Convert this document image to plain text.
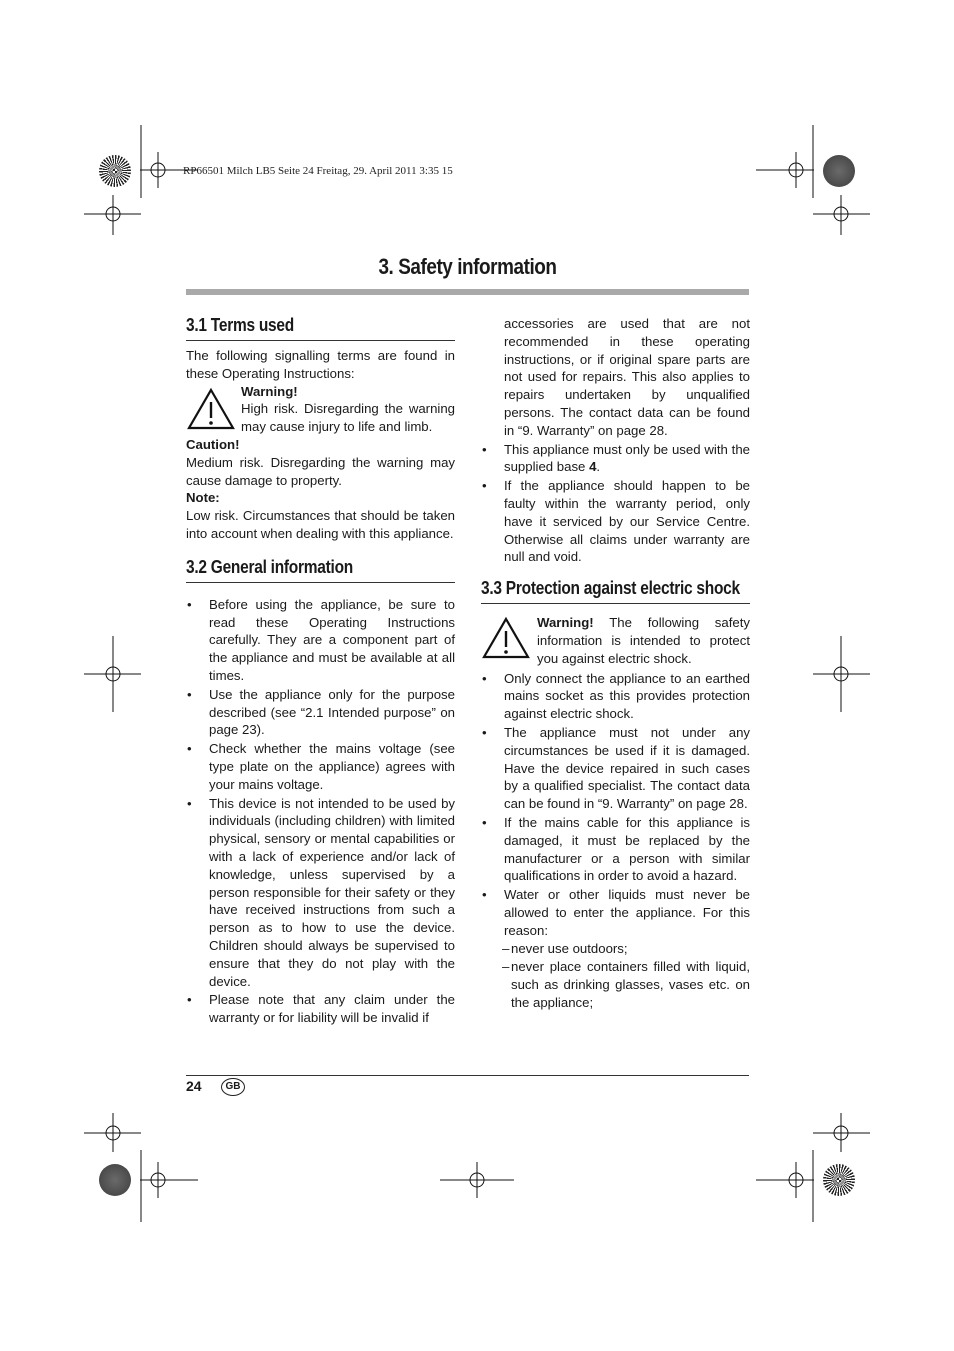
RP66501 Milch LB5 Seite 24 Freitag, 29. April 2011 3:35 15
3. Safety information
3.1 Terms used

The following signalling terms are found in these Operating Instructions:

Warning!

High risk. Disregarding the warning may cause injury to life and limb.

Caution!

Medium risk. Disregarding the warning may cause damage to property.

Note:

Low risk. Circumstances that should be taken into account when dealing with this appliance.

3.2 General information
• Before using the appliance, be sure to read these Operating Instructions carefully. They are a component part of the appliance and must be available at all times.
• Use the appliance only for the purpose described (see “2.1 Intended purpose” on page 23).
• Check whether the mains voltage (see type plate on the appliance) agrees with your mains voltage.
• This device is not intended to be used by individuals (including children) with limited physical, sensory or mental capabilities or with a lack of experience and/or lack of knowledge, unless supervised by a person responsible for their safety or they have received instructions from such a person as to how to use the device. Children should always be supervised to ensure that they do not play with the device.
• Please note that any claim under the warranty or for liability will be invalid if
accessories are used that are not recommended in these operating instructions, or if original spare parts are not used for repairs. This also applies to repairs undertaken by unqualified persons. The contact data can be found in “9. Warranty” on page 28.
• This appliance must only be used with the supplied base 4.
• If the appliance should happen to be faulty within the warranty period, only have it serviced by our Service Centre. Otherwise all claims under warranty are null and void.
3.3 Protection against electric shock

Warning! The following safety information is intended to protect you against electric shock.

• Only connect the appliance to an earthed mains socket as this provides protection against electric shock.
• The appliance must not under any circumstances be used if it is damaged. Have the device repaired in such cases by a qualified specialist. The contact data can be found in “9. Warranty” on page 28.
• If the mains cable for this appliance is damaged, it must be replaced by the manufacturer or a person with similar qualifications in order to avoid a hazard.
• Water or other liquids must never be allowed to enter the appliance. For this reason:
– never use outdoors;
– never place containers filled with liquid, such as drinking glasses, vases etc. on the appliance;
24	GB
